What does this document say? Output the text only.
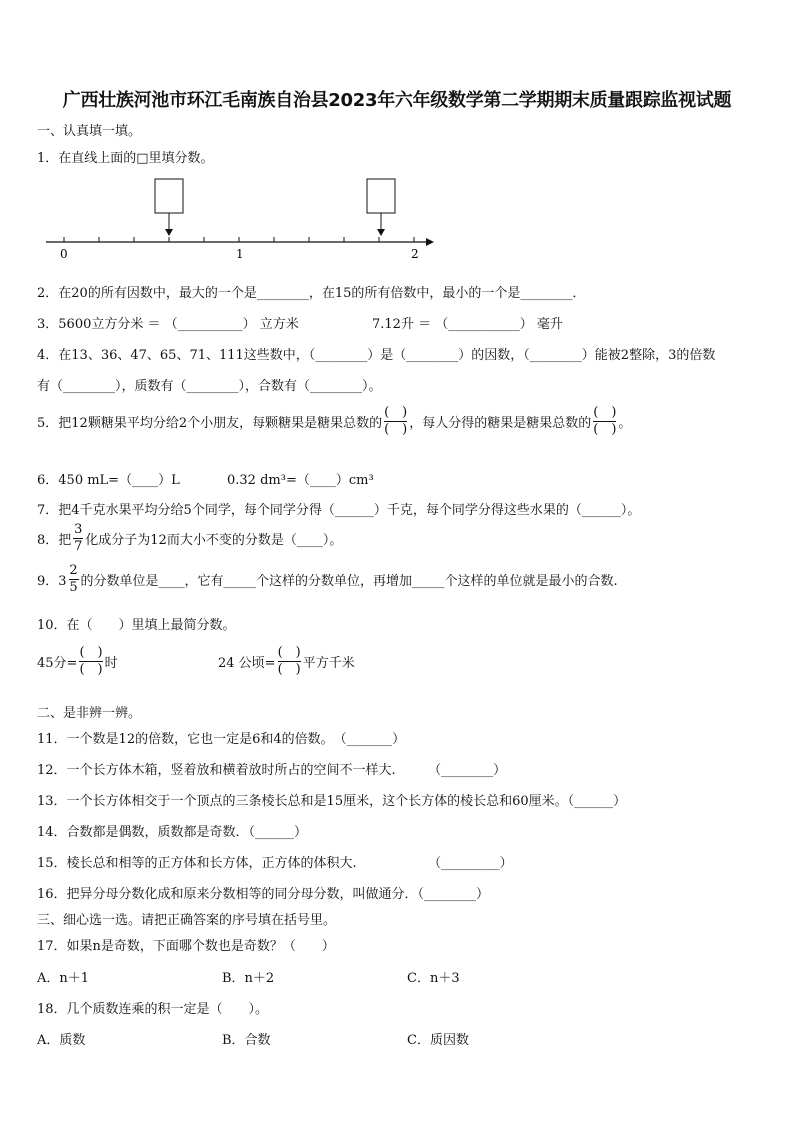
广西壮族河池市环江毛南族自治县2023年六年级数学第二学期期末质量跟踪监视试题
一、认真填一填。
1．在直线上面的□里填分数。
0	1	2
2．在20的所有因数中，最大的一个是________，在15的所有倍数中，最小的一个是________．
3．5600立方分米 ＝ （__________） 立方米	7.12升 ＝ （___________） 毫升
4．在13、36、47、65、71、111这些数中，（________）是（________）的因数，（________）能被2整除，3的倍数
有（________），质数有（________），合数有（________）。
5．把12颗糖果平均分给2个小朋友，每颗糖果是糖果总数的 $\frac{( )}{( )}$ ，每人分得的糖果是糖果总数的 $\frac{( )}{( )}$ 。
6．450 mL=（____）L	0.32 dm³=（____）cm³
7．把4千克水果平均分给5个同学，每个同学分得（______）千克，每个同学分得这些水果的（______）。
8．把 $\frac{3}{7}$ 化成分子为12而大小不变的分数是（____）。
9．$3 \frac{2}{5}$ 的分数单位是____，它有_____个这样的分数单位，再增加_____个这样的单位就是最小的合数.
10．在（　　）里填上最简分数。
45分= $\frac{( )}{( )}$ 时	24 公顷= $\frac{( )}{( )}$ 平方千米
二、是非辨一辨。
11．一个数是12的倍数，它也一定是6和4的倍数。　（_______）
12．一个长方体木箱，竖着放和横着放时所占的空间不一样大.　　　（________）
13．一个长方体相交于一个顶点的三条棱长总和是15厘米，这个长方体的棱长总和60厘米。（______）
14．合数都是偶数，质数都是奇数．（______）
15．棱长总和相等的正方体和长方体，正方体的体积大.　　　　　　（_________）
16．把异分母分数化成和原来分数相等的同分母分数，叫做通分．（________）
三、细心选一选。请把正确答案的序号填在括号里。
17．如果n是奇数，下面哪个数也是奇数？（　　）
A．n＋1	B．n＋2	C．n＋3
18．几个质数连乘的积一定是（　　）。
A．质数	B．合数	C．质因数
